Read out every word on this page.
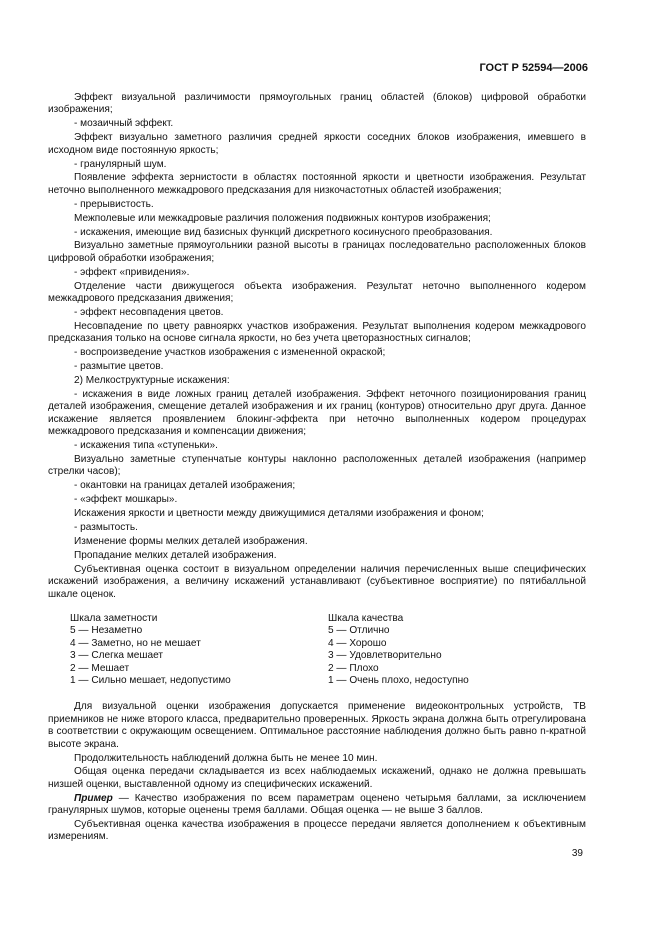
ГОСТ Р 52594—2006

Эффект визуальной различимости прямоугольных границ областей (блоков) цифровой обработки изображения;

- мозаичный эффект.

Эффект визуально заметного различия средней яркости соседних блоков изображения, имевшего в исходном виде постоянную яркость;

- гранулярный шум.

Появление эффекта зернистости в областях постоянной яркости и цветности изображения. Результат неточно выполненного межкадрового предсказания для низкочастотных областей изображения;

- прерывистость.

Межполевые или межкадровые различия положения подвижных контуров изображения;

- искажения, имеющие вид базисных функций дискретного косинусного преобразования.

Визуально заметные прямоугольники разной высоты в границах последовательно расположенных блоков цифровой обработки изображения;

- эффект «привидения».

Отделение части движущегося объекта изображения. Результат неточно выполненного кодером межкадрового предсказания движения;

- эффект несовпадения цветов.

Несовпадение по цвету равнояркх участков изображения. Результат выполнения кодером межкадрового предсказания только на основе сигнала яркости, но без учета цветоразностных сигналов;

- воспроизведение участков изображения с измененной окраской;

- размытие цветов.

2) Мелкоструктурные искажения:

- искажения в виде ложных границ деталей изображения. Эффект неточного позиционирования границ деталей изображения, смещение деталей изображения и их границ (контуров) относительно друг друга. Данное искажение является проявлением блокинг-эффекта при неточно выполненных кодером процедурах межкадрового предсказания и компенсации движения;

- искажения типа «ступеньки».

Визуально заметные ступенчатые контуры наклонно расположенных деталей изображения (например стрелки часов);

- окантовки на границах деталей изображения;

- «эффект мошкары».

Искажения яркости и цветности между движущимися деталями изображения и фоном;

- размытость.

Изменение формы мелких деталей изображения.

Пропадание мелких деталей изображения.

Субъективная оценка состоит в визуальном определении наличия перечисленных выше специфических искажений изображения, а величину искажений устанавливают (субъективное восприятие) по пятибалльной шкале оценок.

Шкала заметности
5 — Незаметно
4 — Заметно, но не мешает
3 — Слегка мешает
2 — Мешает
1 — Сильно мешает, недопустимо
Шкала качества
5 — Отлично
4 — Хорошо
3 — Удовлетворительно
2 — Плохо
1 — Очень плохо, недоступно

Для визуальной оценки изображения допускается применение видеоконтрольных устройств, ТВ приемников не ниже второго класса, предварительно проверенных. Яркость экрана должна быть отрегулирована в соответствии с окружающим освещением. Оптимальное расстояние наблюдения должно быть равно n-кратной высоте экрана.

Продолжительность наблюдений должна быть не менее 10 мин.

Общая оценка передачи складывается из всех наблюдаемых искажений, однако не должна превышать низшей оценки, выставленной одному из специфических искажений.

Пример — Качество изображения по всем параметрам оценено четырьмя баллами, за исключением гранулярных шумов, которые оценены тремя баллами. Общая оценка — не выше 3 баллов.

Субъективная оценка качества изображения в процессе передачи является дополнением к объективным измерениям.

39
